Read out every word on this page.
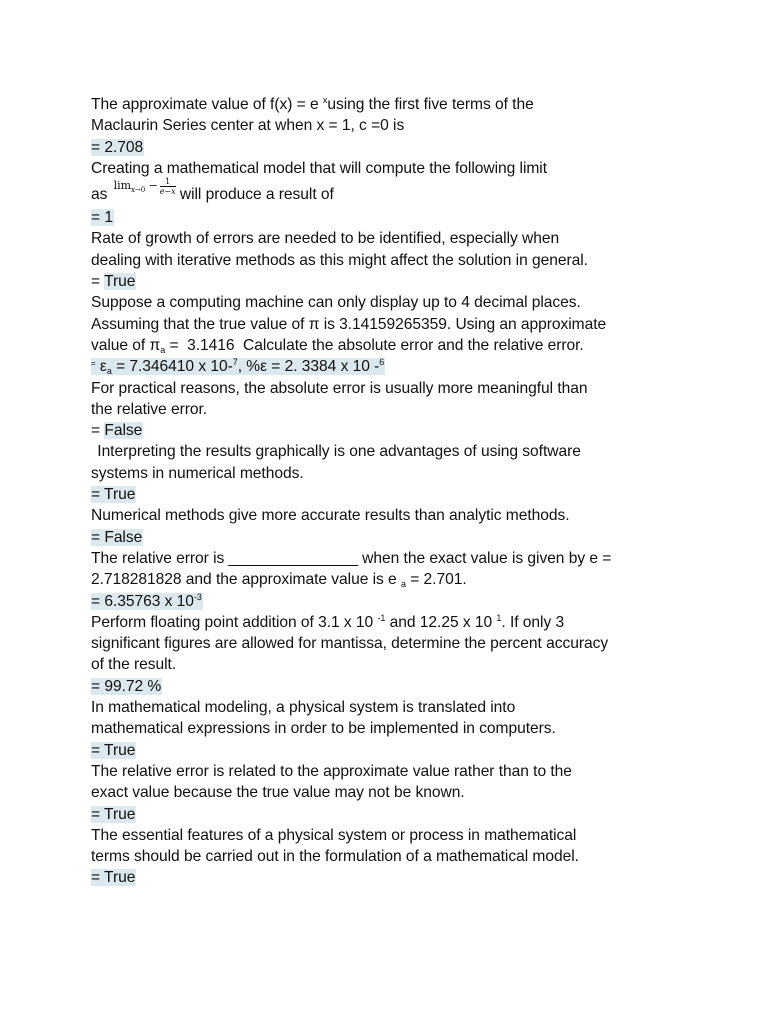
The approximate value of f(x) = e $^x$using the first five terms of the

Maclaurin Series center at when x = 1, c =0 is

= 2.708

Creating a mathematical model that will compute the following limit

as $\lim_{x\to 0} - \frac{1}{e-x}$ will produce a result of

= 1

Rate of growth of errors are needed to be identified, especially when

dealing with iterative methods as this might affect the solution in general.

= True

Suppose a computing machine can only display up to 4 decimal places.

Assuming that the true value of π is 3.14159265359. Using an approximate

value of $\pi_a = 3.1416$  Calculate the absolute error and the relative error.

= $\varepsilon_a = 7.346410$ x 10-$^7$, %ε = 2. 3384 x 10 -$^6$

For practical reasons, the absolute error is usually more meaningful than

the relative error.

= False

Interpreting the results graphically is one advantages of using software

systems in numerical methods.

= True

Numerical methods give more accurate results than analytic methods.

= False

The relative error is _______________ when the exact value is given by e =

2.718281828 and the approximate value is e $_a$ = 2.701.

= 6.35763 x $10^{-3}$

Perform floating point addition of 3.1 x 10 $^{-1}$ and 12.25 x 10 $^1$. If only 3

significant figures are allowed for mantissa, determine the percent accuracy

of the result.

= 99.72 %

In mathematical modeling, a physical system is translated into

mathematical expressions in order to be implemented in computers.

= True

The relative error is related to the approximate value rather than to the

exact value because the true value may not be known.

= True

The essential features of a physical system or process in mathematical

terms should be carried out in the formulation of a mathematical model.

= True
